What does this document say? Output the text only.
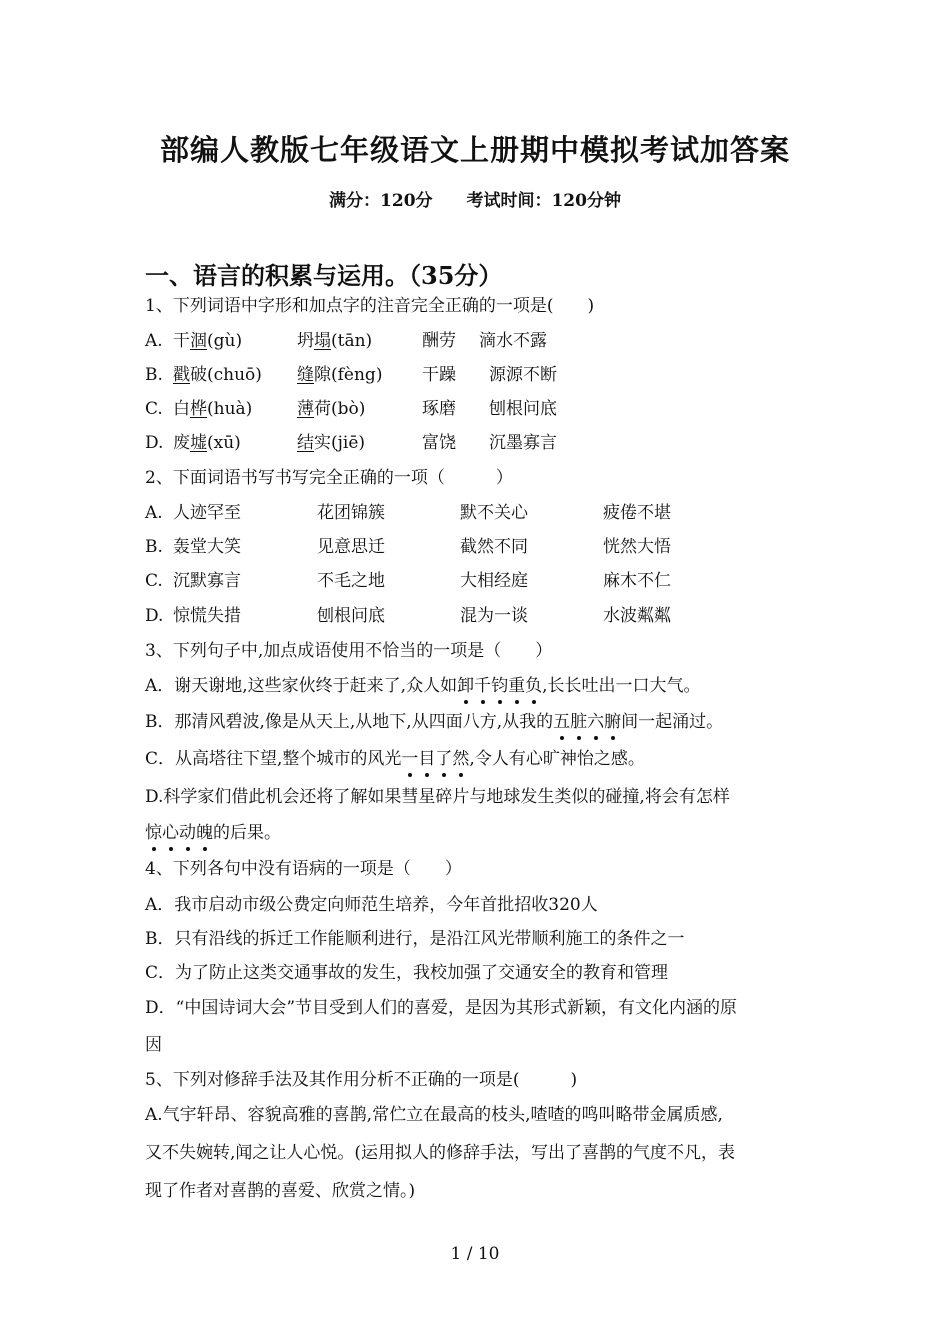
部编人教版七年级语文上册期中模拟考试加答案
满分：120分 考试时间：120分钟
一、语言的积累与运用。（35分）
1、下列词语中字形和加点字的注音完全正确的一项是(　　)
A. 干涸(gù)	坍塌(tān)	酬劳 滴水不露
B. 戳破(chuō) 缝隙(fèng) 干躁 源源不断
C. 白桦(huà)	薄荷(bò)	琢磨 刨根问底
D. 废墟(xū)	结实(jiē)	富饶 沉墨寡言
2、下面词语书写书写完全正确的一项（　　　）
A. 人迹罕至	花团锦簇	默不关心	疲倦不堪
B. 轰堂大笑	见意思迁	截然不同	恍然大悟
C. 沉默寡言	不毛之地	大相经庭	麻木不仁
D. 惊慌失措	刨根问底	混为一谈	水波粼粼
3、下列句子中,加点成语使用不恰当的一项是（　　）
A．谢天谢地,这些家伙终于赶来了,众人如卸千钧重负,长长吐出一口大气。
B．那清风碧波,像是从天上,从地下,从四面八方,从我的五脏六腑间一起涌过。
C．从高塔往下望,整个城市的风光一目了然,令人有心旷神怡之感。
D.科学家们借此机会还将了解如果彗星碎片与地球发生类似的碰撞,将会有怎样
惊心动魄的后果。
4、下列各句中没有语病的一项是（　　）
A．我市启动市级公费定向师范生培养，今年首批招收320人
B．只有沿线的拆迁工作能顺利进行，是沿江风光带顺利施工的条件之一
C．为了防止这类交通事故的发生，我校加强了交通安全的教育和管理
D．“中国诗词大会”节目受到人们的喜爱，是因为其形式新颖，有文化内涵的原
因
5、下列对修辞手法及其作用分析不正确的一项是(　　　)
A.气宇轩昂、容貌高雅的喜鹊,常伫立在最高的枝头,喳喳的鸣叫略带金属质感,
又不失婉转,闻之让人心悦。(运用拟人的修辞手法，写出了喜鹊的气度不凡，表
现了作者对喜鹊的喜爱、欣赏之情。)
1 / 10
